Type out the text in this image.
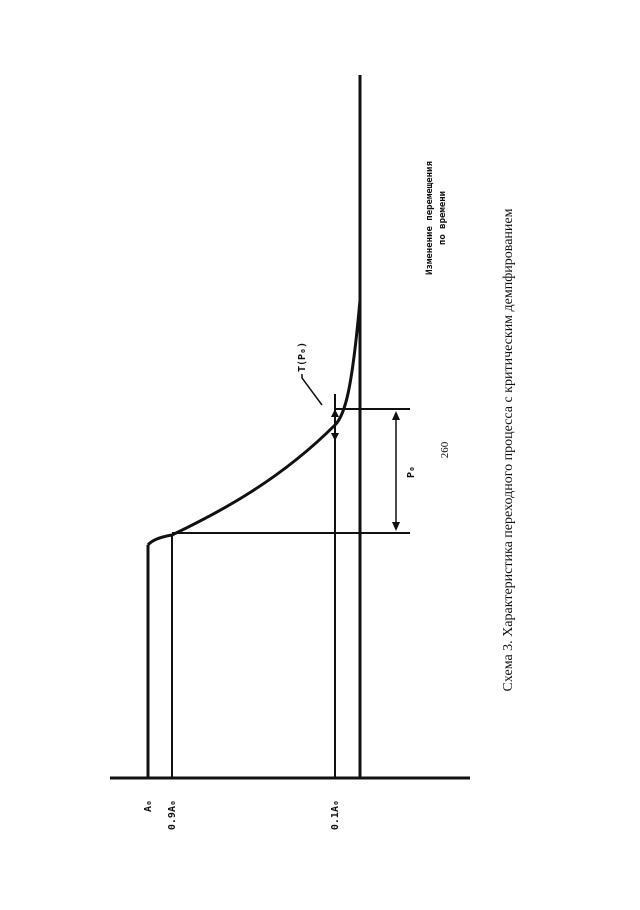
260	Схема 3. Характеристика переходного процесса с критическим демпфированием
A₀ 0.9A₀	0.1A₀
T(P₀)
P₀
Изменение перемещения по времени
